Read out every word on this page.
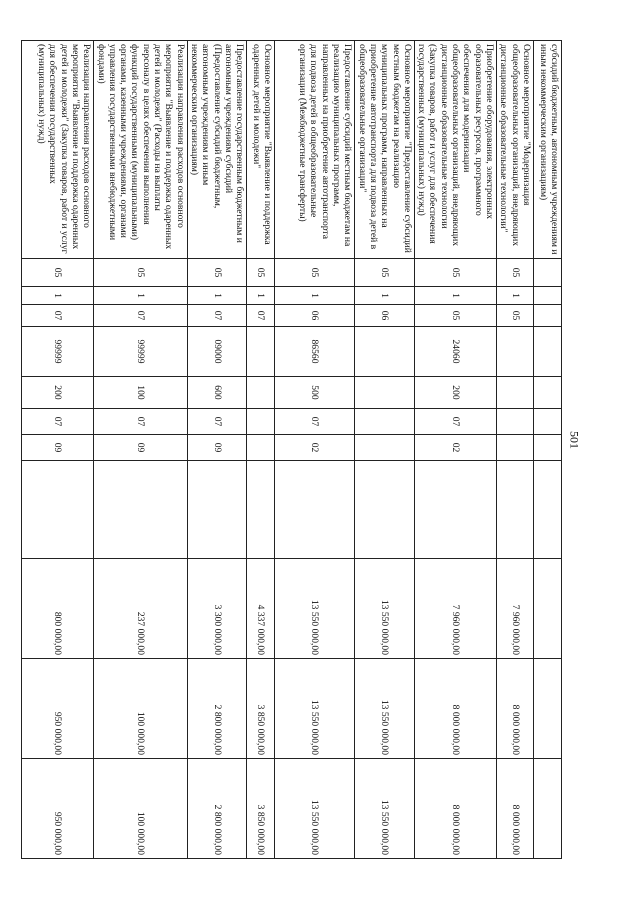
501
субсидий бюджетным, автономным учреждениям и иным некоммерческим организациям)											
Основное мероприятие "Модернизация общеобразовательных организаций, внедряющих дистанционные образовательные технологии"	05	1	05						7 960 000,00	8 000 000,00	8 000 000,00
Приобретение оборудования, электронных образовательных ресурсов, программного обеспечения для модернизации общеобразовательных организаций, внедряющих дистанционные образовательные технологии (Закупка товаров, работ и услуг для обеспечения государственных (муниципальных) нужд)	05	1	05	24060	200	07	02		7 960 000,00	8 000 000,00	8 000 000,00
Основное мероприятие "Предоставление субсидий местным бюджетам на реализацию муниципальных программ, направленных на приобретение автотранспорта для подвоза детей в общеобразовательные организации"	05	1	06						13 550 000,00	13 550 000,00	13 550 000,00
Предоставление субсидий местным бюджетам на реализацию муниципальных программ, направленных на приобретение автотранспорта для подвоза детей в общеобразовательные организации (Межбюджетные трансферты)	05	1	06	86560	500	07	02		13 550 000,00	13 550 000,00	13 550 000,00
Основное мероприятие "Выявление и поддержка одаренных детей и молодежи"	05	1	07						4 337 000,00	3 850 000,00	3 850 000,00
Предоставление государственным бюджетным и автономным учреждениям субсидий (Предоставление субсидий бюджетным, автономным учреждениям и иным некоммерческим организациям)	05	1	07	09000	600	07	09		3 300 000,00	2 800 000,00	2 800 000,00
Реализация направления расходов основного мероприятия "Выявление и поддержка одаренных детей и молодежи" (Расходы на выплаты персоналу в целях обеспечения выполнения функций государственными (муниципальными) органами, казенными учреждениями, органами управления государственными внебюджетными фондами)	05	1	07	99999	100	07	09		237 000,00	100 000,00	100 000,00
Реализация направления расходов основного мероприятия "Выявление и поддержка одаренных детей и молодежи" (Закупка товаров, работ и услуг для обеспечения государственных (муниципальных) нужд)	05	1	07	99999	200	07	09		800 000,00	950 000,00	950 000,00
